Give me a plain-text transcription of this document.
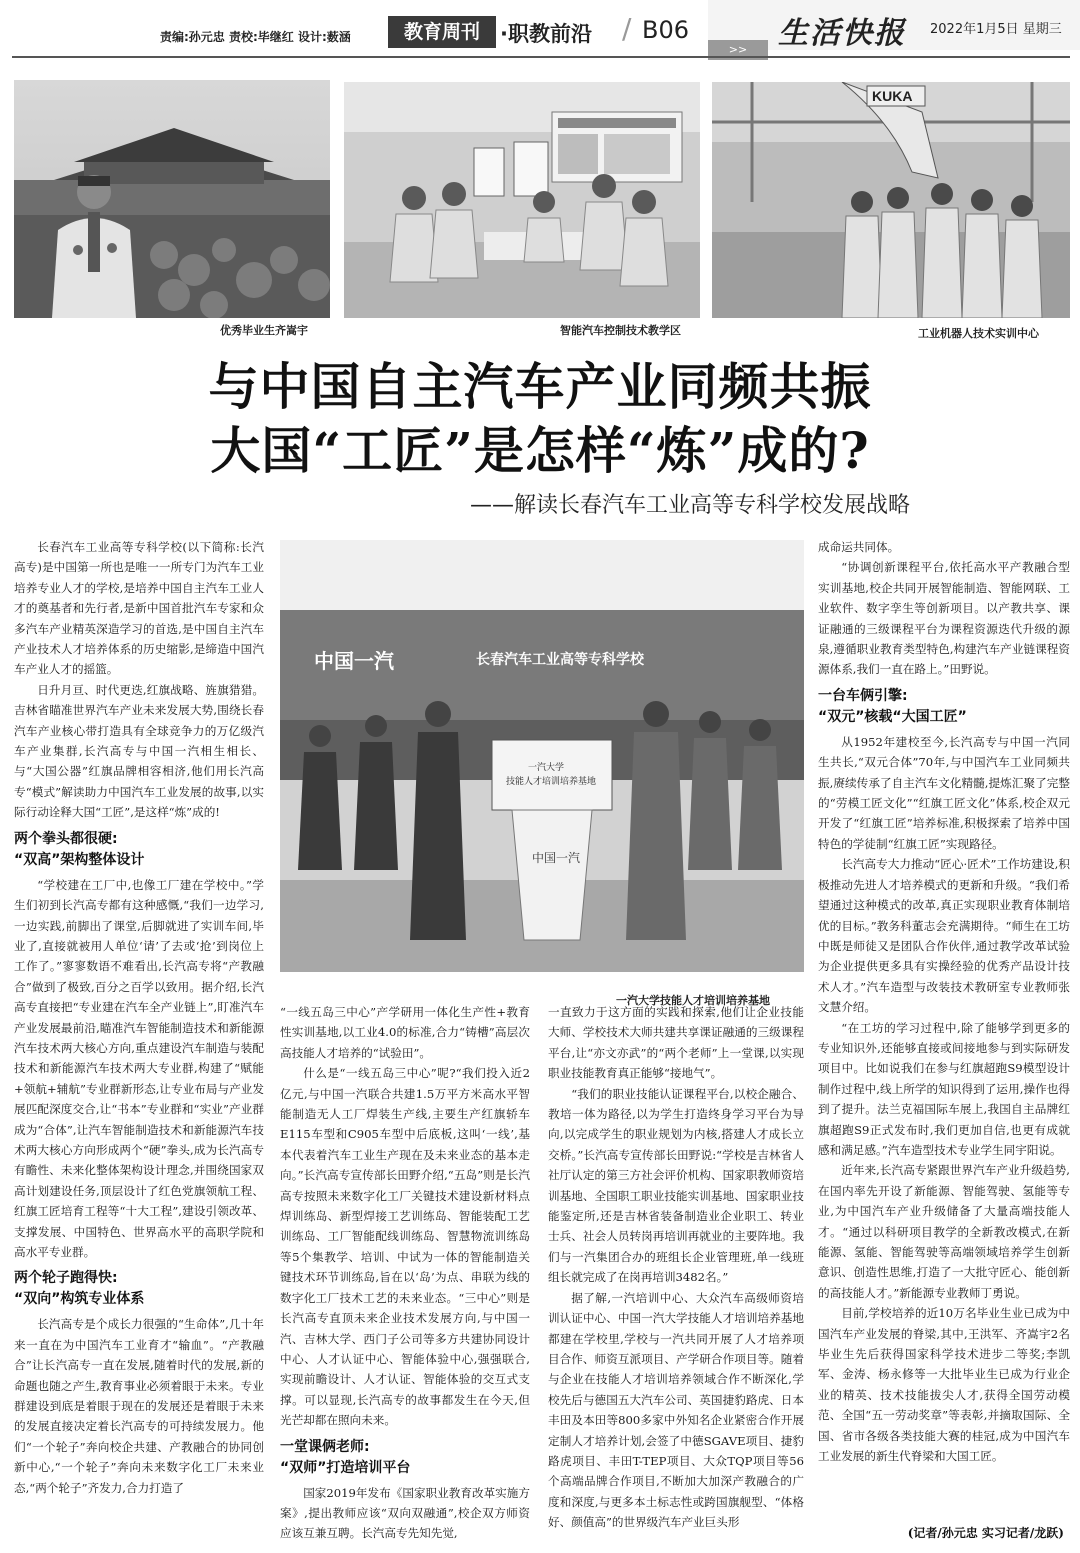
责编:孙元忠 责校:毕继红 设计:薮涵	教育周刊 ·职教前沿 / B06
>>	生活快报 2022年1月5日 星期三
优秀毕业生齐嵩宇	智能汽车控制技术教学区
KUKA
工业机器人技术实训中心
与中国自主汽车产业同频共振
大国“工匠”是怎样“炼”成的?
——解读长春汽车工业高等专科学校发展战略
中国一汽	长春汽车工业高等专科学校
一汽大学
技能人才培训培养基地
中国一汽
一汽大学技能人才培训培养基地

长春汽车工业高等专科学校(以下简称:长汽高专)是中国第一所也是唯一一所专门为汽车工业培养专业人才的学校,是培养中国自主汽车工业人才的奠基者和先行者,是新中国首批汽车专家和众多汽车产业精英深造学习的首选,是中国自主汽车产业技术人才培养体系的历史缩影,是缔造中国汽车产业人才的摇篮。

日升月亘、时代更迭,红旗战略、旌旗猎猎。吉林省瞄准世界汽车产业未来发展大势,围绕长春汽车产业核心带打造具有全球竞争力的万亿级汽车产业集群,长汽高专与中国一汽相生相长、与“大国公器”红旗品牌相容相济,他们用长汽高专“模式”解读助力中国汽车工业发展的故事,以实际行动诠释大国“工匠”,是这样“炼”成的!

两个拳头都很硬:
“双高”架构整体设计

“学校建在工厂中,也像工厂建在学校中。”学生们初到长汽高专都有这种感慨,“我们一边学习,一边实践,前脚出了课堂,后脚就进了实训车间,毕业了,直接就被用人单位‘请’了去或‘抢’到岗位上工作了。”寥寥数语不难看出,长汽高专将“产教融合”做到了极致,百分之百学以致用。据介绍,长汽高专直接把“专业建在汽车全产业链上”,盯准汽车产业发展最前沿,瞄准汽车智能制造技术和新能源汽车技术两大核心方向,重点建设汽车制造与装配技术和新能源汽车技术两大专业群,构建了“赋能+领航+辅航”专业群新形态,让专业布局与产业发展匹配深度交合,让“书本”专业群和“实业”产业群成为“合体”,让汽车智能制造技术和新能源汽车技术两大核心方向形成两个“硬”拳头,成为长汽高专有瞻性、未来化整体架构设计理念,并围绕国家双高计划建设任务,顶层设计了红色党旗领航工程、红旗工匠培育工程等“十大工程”,建设引领改革、支撑发展、中国特色、世界高水平的高职学院和高水平专业群。

两个轮子跑得快:
“双向”构筑专业体系

长汽高专是个成长力很强的“生命体”,几十年来一直在为中国汽车工业育才“输血”。“产教融合”让长汽高专一直在发展,随着时代的发展,新的命题也随之产生,教育事业必须着眼于未来。专业群建设到底是着眼于现在的发展还是着眼于未来的发展直接决定着长汽高专的可持续发展力。他们“一个轮子”奔向校企共建、产教融合的协同创新中心,“一个轮子”奔向未来数字化工厂未来业态,“两个轮子”齐发力,合力打造了

“一线五岛三中心”产学研用一体化生产性+教育性实训基地,以工业4.0的标准,合力“铸槽”高层次高技能人才培养的“试验田”。

什么是“一线五岛三中心”呢?“我们投入近2亿元,与中国一汽联合共建1.5万平方米高水平智能制造无人工厂焊装生产线,主要生产红旗轿车E115车型和C905车型中后底板,这叫‘一线’,基本代表着汽车工业生产现在及未来业态的基本走向。”长汽高专宣传部长田野介绍,“五岛”则是长汽高专按照未来数字化工厂关键技术建设新材料点焊训练岛、新型焊接工艺训练岛、智能装配工艺训练岛、工厂智能配线训练岛、智慧物流训练岛等5个集教学、培训、中试为一体的智能制造关键技术环节训练岛,旨在以‘岛’为点、串联为线的数字化工厂技术工艺的未来业态。“三中心”则是长汽高专直顶未来企业技术发展方向,与中国一汽、吉林大学、西门子公司等多方共建协同设计中心、人才认证中心、智能体验中心,强强联合,实现前瞻设计、人才认证、智能体验的交互式支撑。可以显现,长汽高专的故事都发生在今天,但光芒却都在照向未来。

一堂课俩老师:
“双师”打造培训平台

国家2019年发布《国家职业教育改革实施方案》,提出教师应该“双向双融通”,校企双方师资应该互兼互聘。长汽高专先知先觉,

一直致力于这方面的实践和探索,他们让企业技能大师、学校技术大师共建共享课证融通的三级课程平台,让“亦文亦武”的“两个老师”上一堂课,以实现职业技能教育真正能够“接地气”。

“我们的职业技能认证课程平台,以校企融合、教培一体为路径,以为学生打造终身学习平台为导向,以完成学生的职业规划为内核,搭建人才成长立交桥。”长汽高专宣传部长田野说:“学校是吉林省人社厅认定的第三方社会评价机构、国家职教师资培训基地、全国职工职业技能实训基地、国家职业技能鉴定所,还是吉林省装备制造业企业职工、转业士兵、社会人员转岗再培训再就业的主要阵地。我们与一汽集团合办的班组长企业管理班,单一线班组长就完成了在岗再培训3482名。”

据了解,一汽培训中心、大众汽车高级师资培训认证中心、中国一汽大学技能人才培训培养基地都建在学校里,学校与一汽共同开展了人才培养项目合作、师资互派项目、产学研合作项目等。随着与企业在技能人才培训培养领域合作不断深化,学校先后与德国五大汽车公司、英国捷豹路虎、日本丰田及本田等800多家中外知名企业紧密合作开展定制人才培养计划,会签了中德SGAVE项目、捷豹路虎项目、丰田T-TEP项目、大众TQP项目等56个高端品牌合作项目,不断加大加深产教融合的广度和深度,与更多本土标志性或跨国旗舰型、“体格好、颜值高”的世界级汽车产业巨头形

成命运共同体。

“协调创新课程平台,依托高水平产教融合型实训基地,校企共同开展智能制造、智能网联、工业软件、数字孪生等创新项目。以产教共享、课证融通的三级课程平台为课程资源迭代升级的源泉,遵循职业教育类型特色,构建汽车产业链课程资源体系,我们一直在路上。”田野说。

一台车俩引擎:
“双元”核载“大国工匠”

从1952年建校至今,长汽高专与中国一汽同生共长,“双元合体”70年,与中国汽车工业同频共振,赓续传承了自主汽车文化精髓,提炼汇聚了完整的“劳模工匠文化”“红旗工匠文化”体系,校企双元开发了“红旗工匠”培养标准,积极探索了培养中国特色的学徒制“红旗工匠”实现路径。

长汽高专大力推动“匠心·匠术”工作坊建设,积极推动先进人才培养模式的更新和升级。“我们希望通过这种模式的改革,真正实现职业教育体制培优的目标。”教务科董志会充满期待。“师生在工坊中既是师徒又是团队合作伙伴,通过教学改革试验为企业提供更多具有实操经验的优秀产品设计技术人才。”汽车造型与改装技术教研室专业教师张文慧介绍。

“在工坊的学习过程中,除了能够学到更多的专业知识外,还能够直接或间接地参与到实际研发项目中。比如说我们在参与红旗超跑S9模型设计制作过程中,线上所学的知识得到了运用,操作也得到了提升。法兰克福国际车展上,我国自主品牌红旗超跑S9正式发布时,我们更加自信,也更有成就感和满足感。”汽车造型技术专业学生同宇阳说。

近年来,长汽高专紧跟世界汽车产业升级趋势,在国内率先开设了新能源、智能驾驶、氢能等专业,为中国汽车产业升级储备了大量高端技能人才。“通过以科研项目教学的全新教改模式,在新能源、氢能、智能驾驶等高端领域培养学生创新意识、创造性思维,打造了一大批守匠心、能创新的高技能人才。”新能源专业教师丁勇说。

目前,学校培养的近10万名毕业生业已成为中国汽车产业发展的脊梁,其中,王洪军、齐嵩宇2名毕业生先后获得国家科学技术进步二等奖;李凯军、金涛、杨永修等一大批毕业生已成为行业企业的精英、技术技能拔尖人才,获得全国劳动模范、全国“五一劳动奖章”等表彰,并摘取国际、全国、省市各级各类技能大赛的桂冠,成为中国汽车工业发展的新生代脊梁和大国工匠。

(记者/孙元忠 实习记者/龙跃)
